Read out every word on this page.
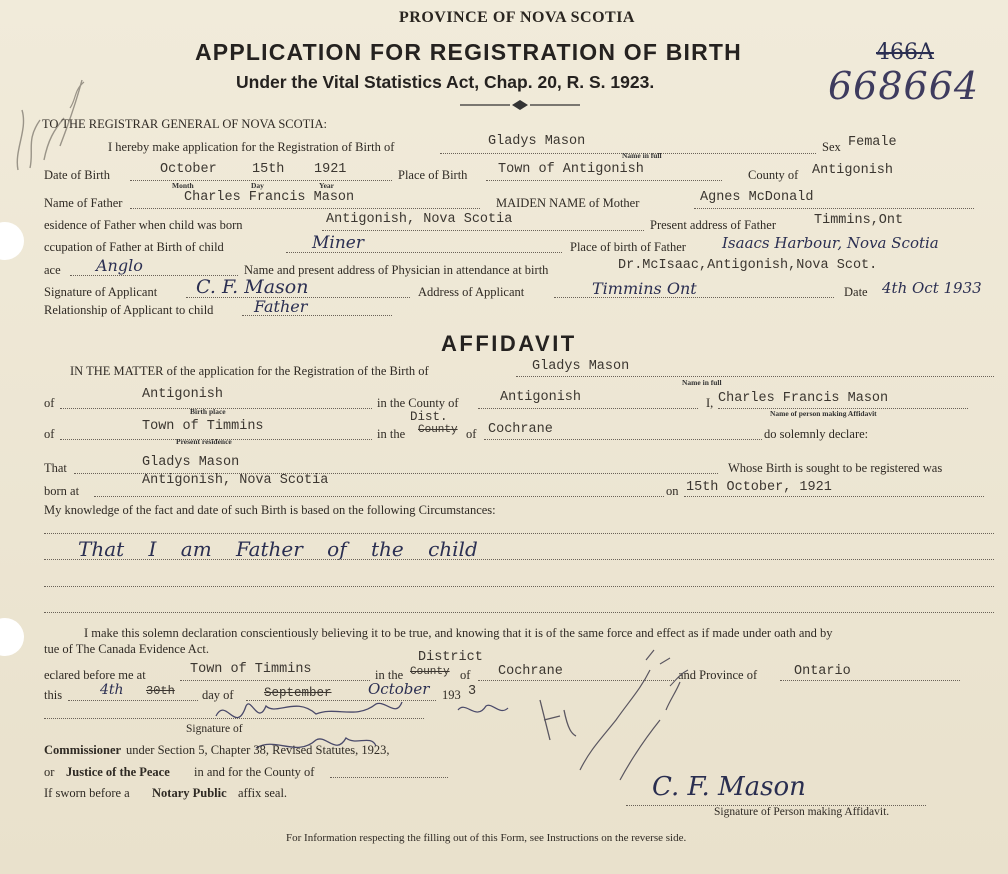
PROVINCE OF NOVA SCOTIA
APPLICATION FOR REGISTRATION OF BIRTH	466A
Under the Vital Statistics Act, Chap. 20, R. S. 1923.	668664
TO THE REGISTRAR GENERAL OF NOVA SCOTIA:
I hereby make application for the Registration of Birth of	Gladys Mason
Name in full
Sex Female
Date of Birth	October	15th 1921
Month	Day	Year
Place of Birth Town of Antigonish	County of Antigonish
Name of Father	Charles Francis Mason	MAIDEN NAME of Mother	Agnes McDonald
esidence of Father when child was born	Antigonish, Nova Scotia	Present address of Father	Timmins,Ont
ccupation of Father at Birth of child	Miner	Place of birth of Father Isaacs Harbour, Nova Scotia
ace Anglo	Name and present address of Physician in attendance at birth	Dr.McIsaac,Antigonish,Nova Scot.
Signature of Applicant C. F. Mason	Address of Applicant	Timmins Ont	Date 4th Oct 1933
Relationship of Applicant to child	Father
AFFIDAVIT
IN THE MATTER of the application for the Registration of the Birth of	Gladys Mason
Name in full
of
Antigonish
Birth place
in the County of	Antigonish	I, Charles Francis Mason
Name of person making Affidavit
of	Town of Timmins
Present residence
in the
Dist.
County of Cochrane	do solemnly declare:
That	Gladys Mason	Whose Birth is sought to be registered was
born at
Antigonish, Nova Scotia
on 15th October, 1921
My knowledge of the fact and date of such Birth is based on the following Circumstances:
That I am Father of the child
I make this solemn declaration conscientiously believing it to be true, and knowing that it is of the same force and effect as if made under oath and by
tue of The Canada Evidence Act.
eclared before me at	Town of Timmins	in the
District
County of Cochrane	and Province of	Ontario
this	4th 30th day of September October 193 3
Signature of
Commissioner under Section 5, Chapter 38, Revised Statutes, 1923,
or Justice of the Peace in and for the County of
If sworn before a Notary Public affix seal.	C. F. Mason
Signature of Person making Affidavit.
For Information respecting the filling out of this Form, see Instructions on the reverse side.
